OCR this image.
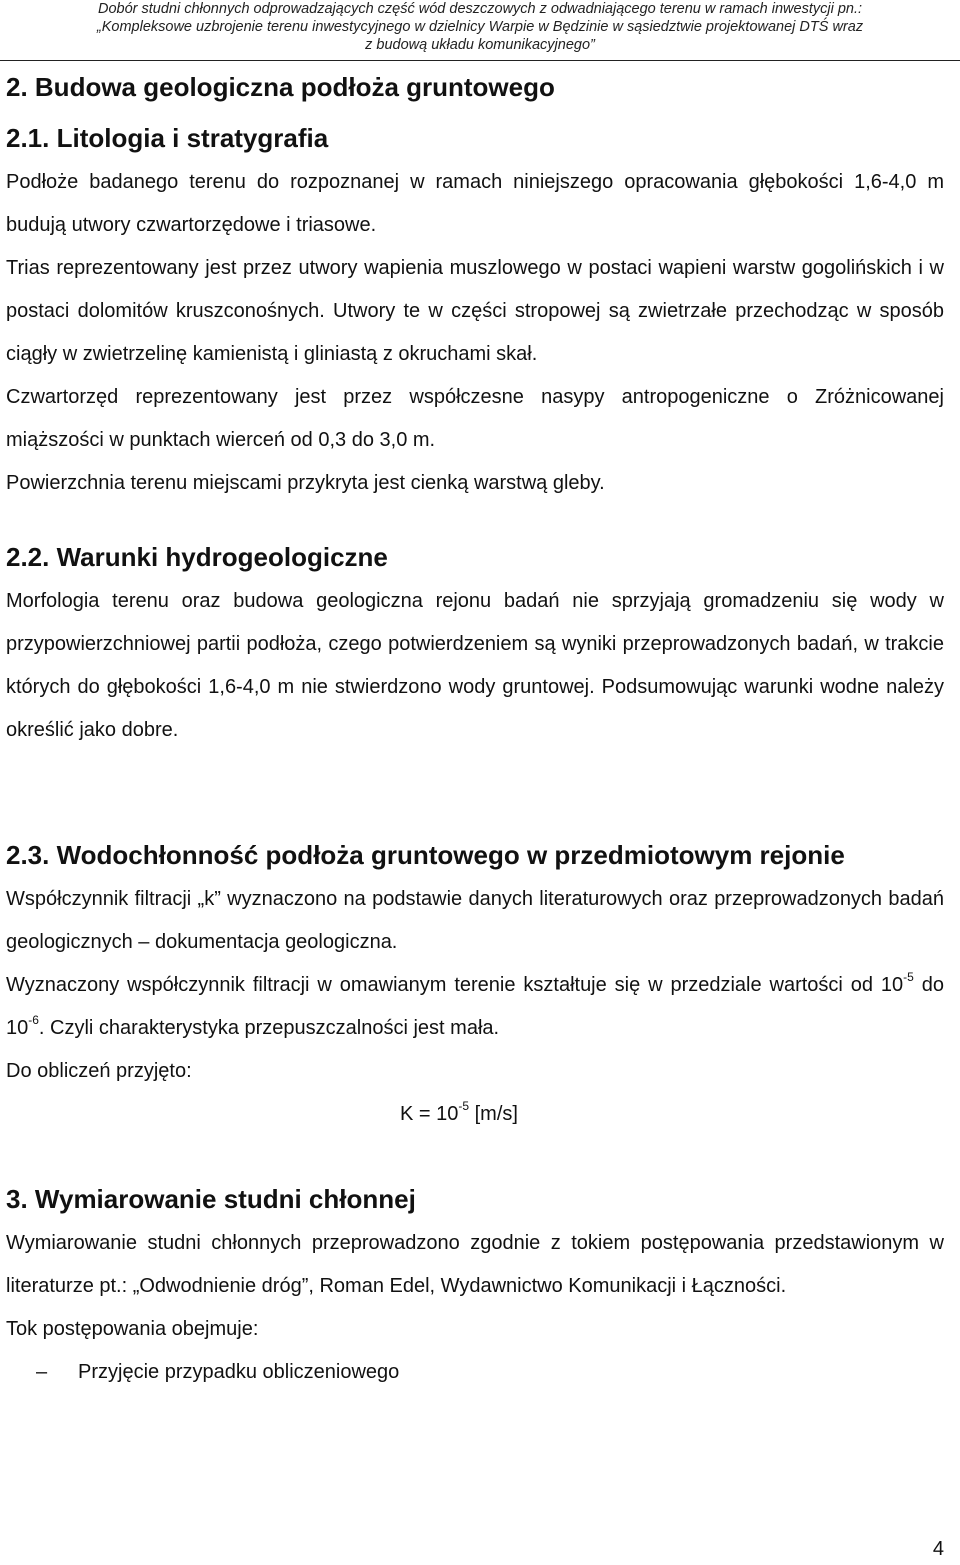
Dobór studni chłonnych odprowadzających część wód deszczowych z odwadniającego terenu w ramach inwestycji pn.:
„Kompleksowe uzbrojenie terenu inwestycyjnego w dzielnicy Warpie w Będzinie w sąsiedztwie projektowanej DTŚ wraz
z budową układu komunikacyjnego”
2. Budowa geologiczna podłoża gruntowego
2.1. Litologia i stratygrafia

Podłoże badanego terenu do rozpoznanej w ramach niniejszego opracowania głębokości 1,6-4,0 m budują utwory czwartorzędowe i triasowe.

Trias reprezentowany jest przez utwory wapienia muszlowego w postaci wapieni warstw gogolińskich i w postaci dolomitów kruszconośnych. Utwory te w części stropowej są zwietrzałe przechodząc w sposób ciągły w zwietrzelinę kamienistą i gliniastą z okruchami skał.

Czwartorzęd reprezentowany jest przez współczesne nasypy antropogeniczne o Zróżnicowanej miąższości w punktach wierceń od 0,3 do 3,0 m.

Powierzchnia terenu miejscami przykryta jest cienką warstwą gleby.

2.2. Warunki hydrogeologiczne

Morfologia terenu oraz budowa geologiczna rejonu badań nie sprzyjają gromadzeniu się wody w przypowierzchniowej partii podłoża, czego potwierdzeniem są wyniki przeprowadzonych badań, w trakcie których do głębokości 1,6-4,0 m nie stwierdzono wody gruntowej. Podsumowując warunki wodne należy określić jako dobre.

2.3. Wodochłonność podłoża gruntowego w przedmiotowym rejonie

Współczynnik filtracji „k” wyznaczono na podstawie danych literaturowych oraz przeprowadzonych badań geologicznych – dokumentacja geologiczna.

Wyznaczony współczynnik filtracji w omawianym terenie kształtuje się w przedziale wartości od $10^{-5}$ do $10^{-6}$. Czyli charakterystyka przepuszczalności jest mała.

Do obliczeń przyjęto:

$K = 10^{-5}$ [m/s]
3. Wymiarowanie studni chłonnej

Wymiarowanie studni chłonnych przeprowadzono zgodnie z tokiem postępowania przedstawionym w literaturze pt.: „Odwodnienie dróg”, Roman Edel, Wydawnictwo Komunikacji i Łączności.

Tok postępowania obejmuje:

–	Przyjęcie przypadku obliczeniowego
4
